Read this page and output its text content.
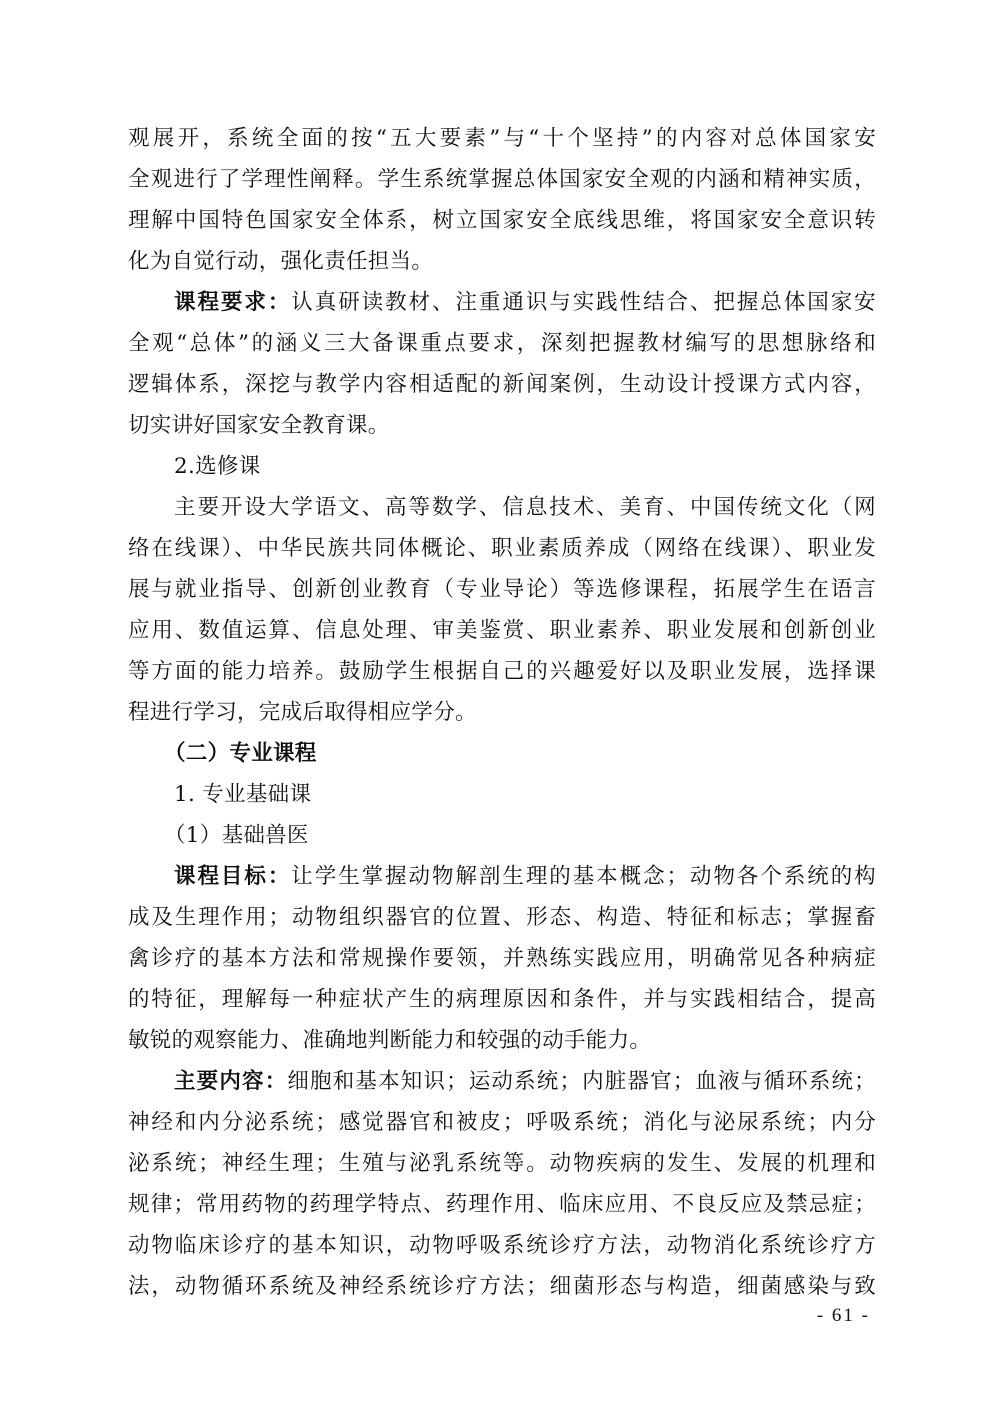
观展开，系统全面的按“五大要素”与“十个坚持”的内容对总体国家安
全观进行了学理性阐释。学生系统掌握总体国家安全观的内涵和精神实质，
理解中国特色国家安全体系，树立国家安全底线思维，将国家安全意识转
化为自觉行动，强化责任担当。
课程要求：认真研读教材、注重通识与实践性结合、把握总体国家安
全观“总体”的涵义三大备课重点要求，深刻把握教材编写的思想脉络和
逻辑体系，深挖与教学内容相适配的新闻案例，生动设计授课方式内容，
切实讲好国家安全教育课。
2.选修课
主要开设大学语文、高等数学、信息技术、美育、中国传统文化（网
络在线课）、中华民族共同体概论、职业素质养成（网络在线课）、职业发
展与就业指导、创新创业教育（专业导论）等选修课程，拓展学生在语言
应用、数值运算、信息处理、审美鉴赏、职业素养、职业发展和创新创业
等方面的能力培养。鼓励学生根据自己的兴趣爱好以及职业发展，选择课
程进行学习，完成后取得相应学分。
（二）专业课程
1. 专业基础课
（1）基础兽医
课程目标：让学生掌握动物解剖生理的基本概念；动物各个系统的构
成及生理作用；动物组织器官的位置、形态、构造、特征和标志；掌握畜
禽诊疗的基本方法和常规操作要领，并熟练实践应用，明确常见各种病症
的特征，理解每一种症状产生的病理原因和条件，并与实践相结合，提高
敏锐的观察能力、准确地判断能力和较强的动手能力。
主要内容：细胞和基本知识；运动系统；内脏器官；血液与循环系统；
神经和内分泌系统；感觉器官和被皮；呼吸系统；消化与泌尿系统；内分
泌系统；神经生理；生殖与泌乳系统等。动物疾病的发生、发展的机理和
规律；常用药物的药理学特点、药理作用、临床应用、不良反应及禁忌症；
动物临床诊疗的基本知识，动物呼吸系统诊疗方法，动物消化系统诊疗方
法，动物循环系统及神经系统诊疗方法；细菌形态与构造，细菌感染与致
- 61 -
